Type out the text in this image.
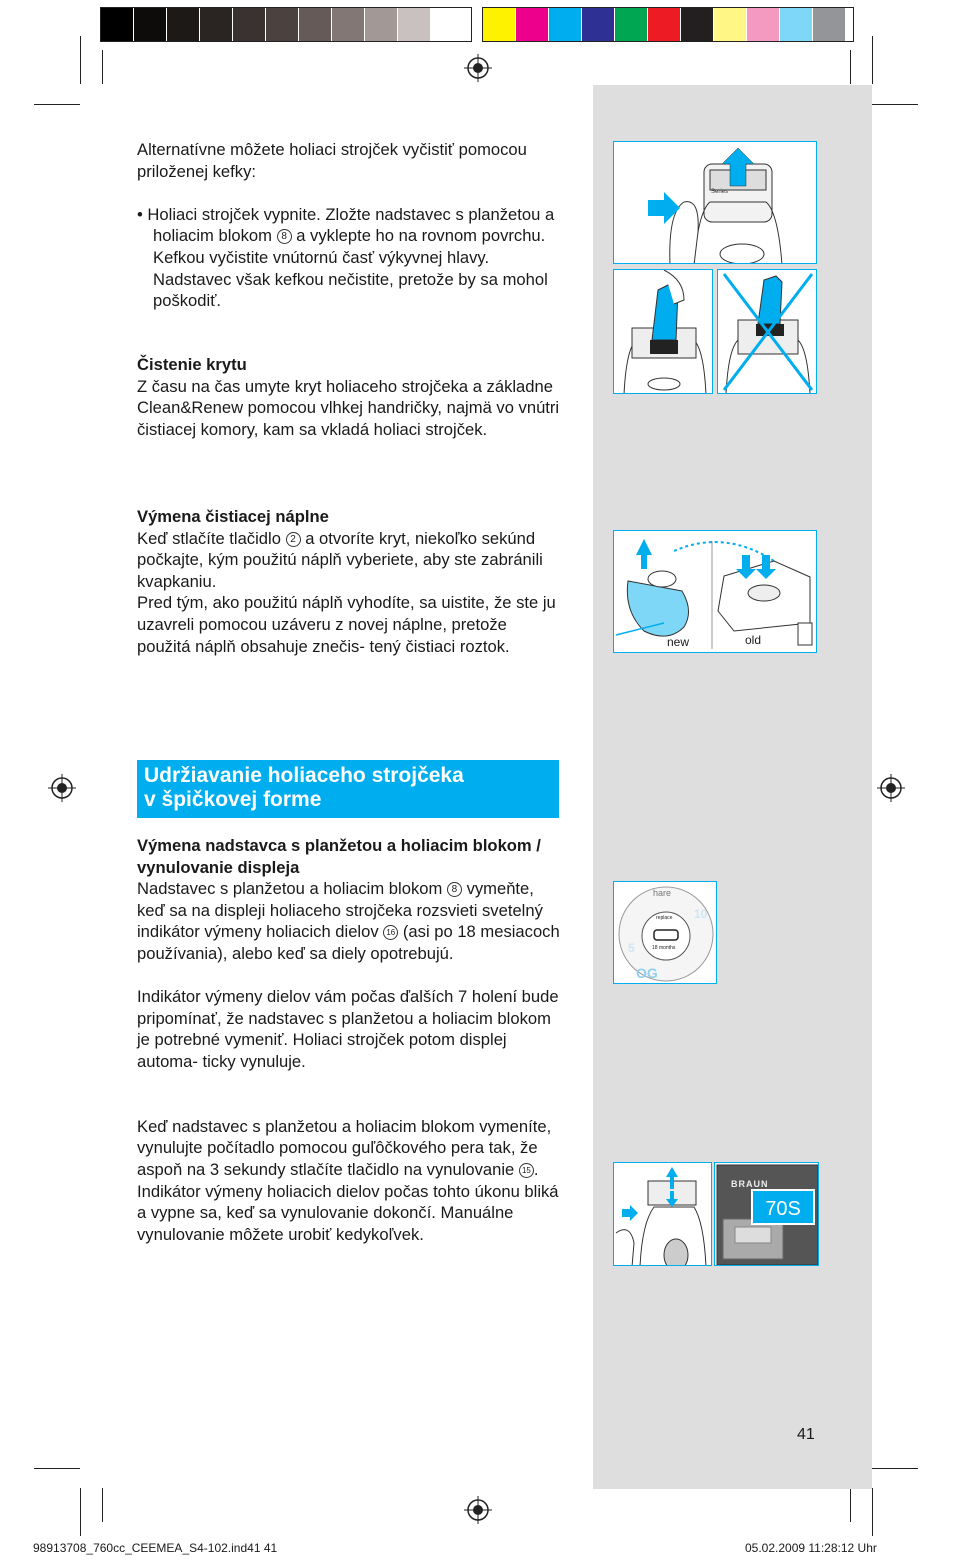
Alternatívne môžete holiaci strojček vyčistiť pomocou priloženej kefky:

• Holiaci strojček vypnite. Zložte nadstavec s planžetou a holiacim blokom 8 a vyklepte ho na rovnom povrchu. Kefkou vyčistite vnútornú časť výkyvnej hlavy. Nadstavec však kefkou nečistite, pretože by sa mohol poškodiť.

Čistenie krytu

Z času na čas umyte kryt holiaceho strojčeka a základne Clean&Renew pomocou vlhkej handričky, najmä vo vnútri čistiacej komory, kam sa vkladá holiaci strojček.

Výmena čistiacej náplne

Keď stlačíte tlačidlo 2 a otvoríte kryt, niekoľko sekúnd počkajte, kým použitú náplň vyberiete, aby ste zabránili kvapkaniu.

Pred tým, ako použitú náplň vyhodíte, sa uistite, že ste ju uzavreli pomocou uzáveru z novej náplne, pretože použitá náplň obsahuje znečis- tený čistiaci roztok.

Udržiavanie holiaceho strojčeka
v špičkovej forme

Výmena nadstavca s planžetou a holiacim blokom / vynulovanie displeja

Nadstavec s planžetou a holiacim blokom 8 vymeňte, keď sa na displeji holiaceho strojčeka rozsvieti svetelný indikátor výmeny holiacich dielov 16 (asi po 18 mesiacoch používania), alebo keď sa diely opotrebujú.

Indikátor výmeny dielov vám počas ďalších 7 holení bude pripomínať, že nadstavec s planžetou a holiacim blokom je potrebné vymeniť. Holiaci strojček potom displej automa- ticky vynuluje.

Keď nadstavec s planžetou a holiacim blokom vymeníte, vynulujte počítadlo pomocou guľôčkového pera tak, že aspoň na 3 sekundy stlačíte tlačidlo na vynulovanie 15 .

Indikátor výmeny holiacich dielov počas tohto úkonu bliká a vypne sa, keď sa vynulovanie dokončí. Manuálne vynulovanie môžete urobiť kedykoľvek.

Series
new	old
5
10
OG
hare
replace
18 months
BRAUN
70S
41
98913708_760cc_CEEMEA_S4-102.ind41 41	05.02.2009 11:28:12 Uhr
